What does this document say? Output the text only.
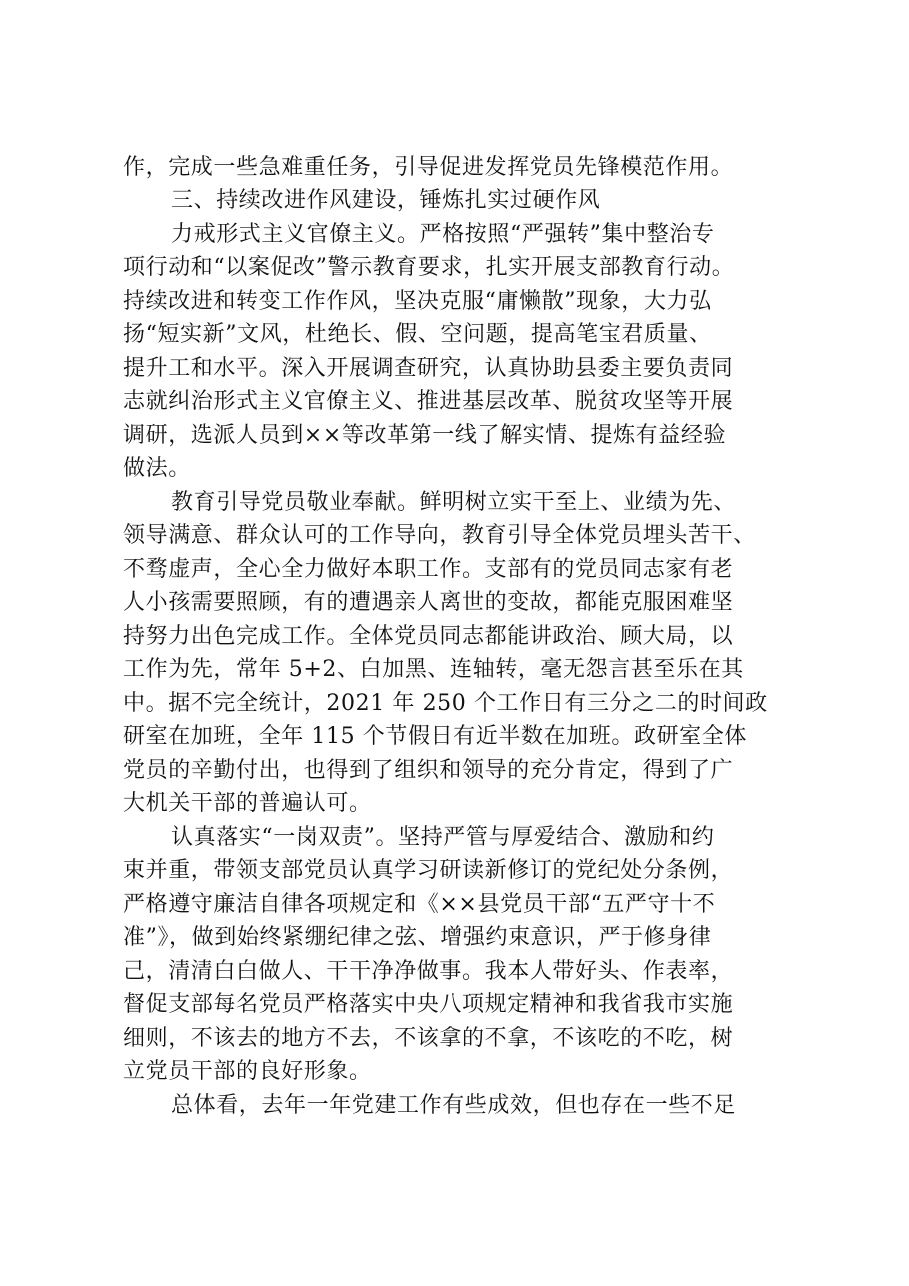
作，完成一些急难重任务，引导促进发挥党员先锋模范作用。
三、持续改进作风建设，锤炼扎实过硬作风
力戒形式主义官僚主义。严格按照“严强转”集中整治专
项行动和“以案促改”警示教育要求，扎实开展支部教育行动。
持续改进和转变工作作风，坚决克服“庸懒散”现象，大力弘
扬“短实新”文风，杜绝长、假、空问题，提高笔宝君质量、
提升工和水平。深入开展调查研究，认真协助县委主要负责同
志就纠治形式主义官僚主义、推进基层改革、脱贫攻坚等开展
调研，选派人员到××等改革第一线了解实情、提炼有益经验
做法。
教育引导党员敬业奉献。鲜明树立实干至上、业绩为先、
领导满意、群众认可的工作导向，教育引导全体党员埋头苦干、
不骛虚声，全心全力做好本职工作。支部有的党员同志家有老
人小孩需要照顾，有的遭遇亲人离世的变故，都能克服困难坚
持努力出色完成工作。全体党员同志都能讲政治、顾大局，以
工作为先，常年 5+2、白加黑、连轴转，毫无怨言甚至乐在其
中。据不完全统计，2021 年 250 个工作日有三分之二的时间政
研室在加班，全年 115 个节假日有近半数在加班。政研室全体
党员的辛勤付出，也得到了组织和领导的充分肯定，得到了广
大机关干部的普遍认可。
认真落实“一岗双责”。坚持严管与厚爱结合、激励和约
束并重，带领支部党员认真学习研读新修订的党纪处分条例，
严格遵守廉洁自律各项规定和《××县党员干部“五严守十不
准”》，做到始终紧绷纪律之弦、增强约束意识，严于修身律
己，清清白白做人、干干净净做事。我本人带好头、作表率，
督促支部每名党员严格落实中央八项规定精神和我省我市实施
细则，不该去的地方不去，不该拿的不拿，不该吃的不吃，树
立党员干部的良好形象。
总体看，去年一年党建工作有些成效，但也存在一些不足
